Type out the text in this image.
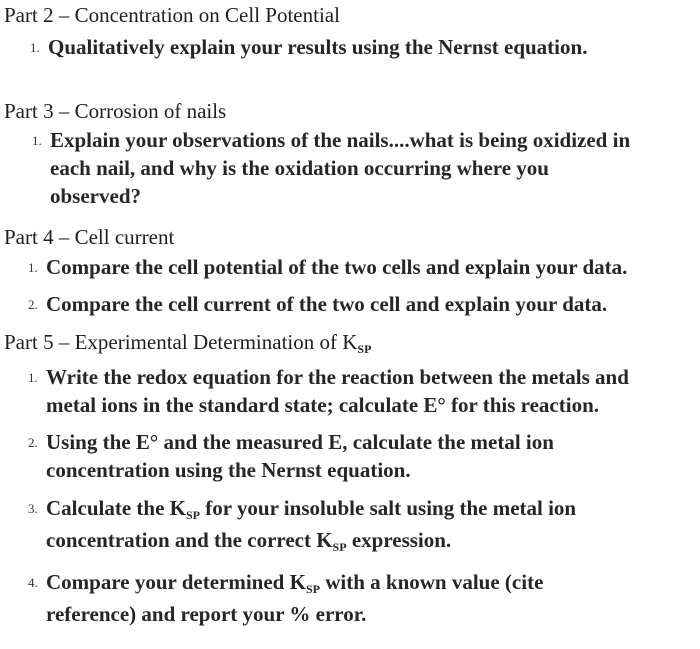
Part 2 – Concentration on Cell Potential
1. Qualitatively explain your results using the Nernst equation.
Part 3 – Corrosion of nails
1. Explain your observations of the nails....what is being oxidized in
each nail, and why is the oxidation occurring where you
observed?
Part 4 – Cell current
1. Compare the cell potential of the two cells and explain your data.
2. Compare the cell current of the two cell and explain your data.
Part 5 – Experimental Determination of $K_{SP}$
1. Write the redox equation for the reaction between the metals and
metal ions in the standard state; calculate E° for this reaction.
2. Using the E° and the measured E, calculate the metal ion
concentration using the Nernst equation.
3. Calculate the $K_{SP}$ for your insoluble salt using the metal ion
concentration and the correct $K_{SP}$ expression.
4. Compare your determined $K_{SP}$ with a known value (cite
reference) and report your % error.
